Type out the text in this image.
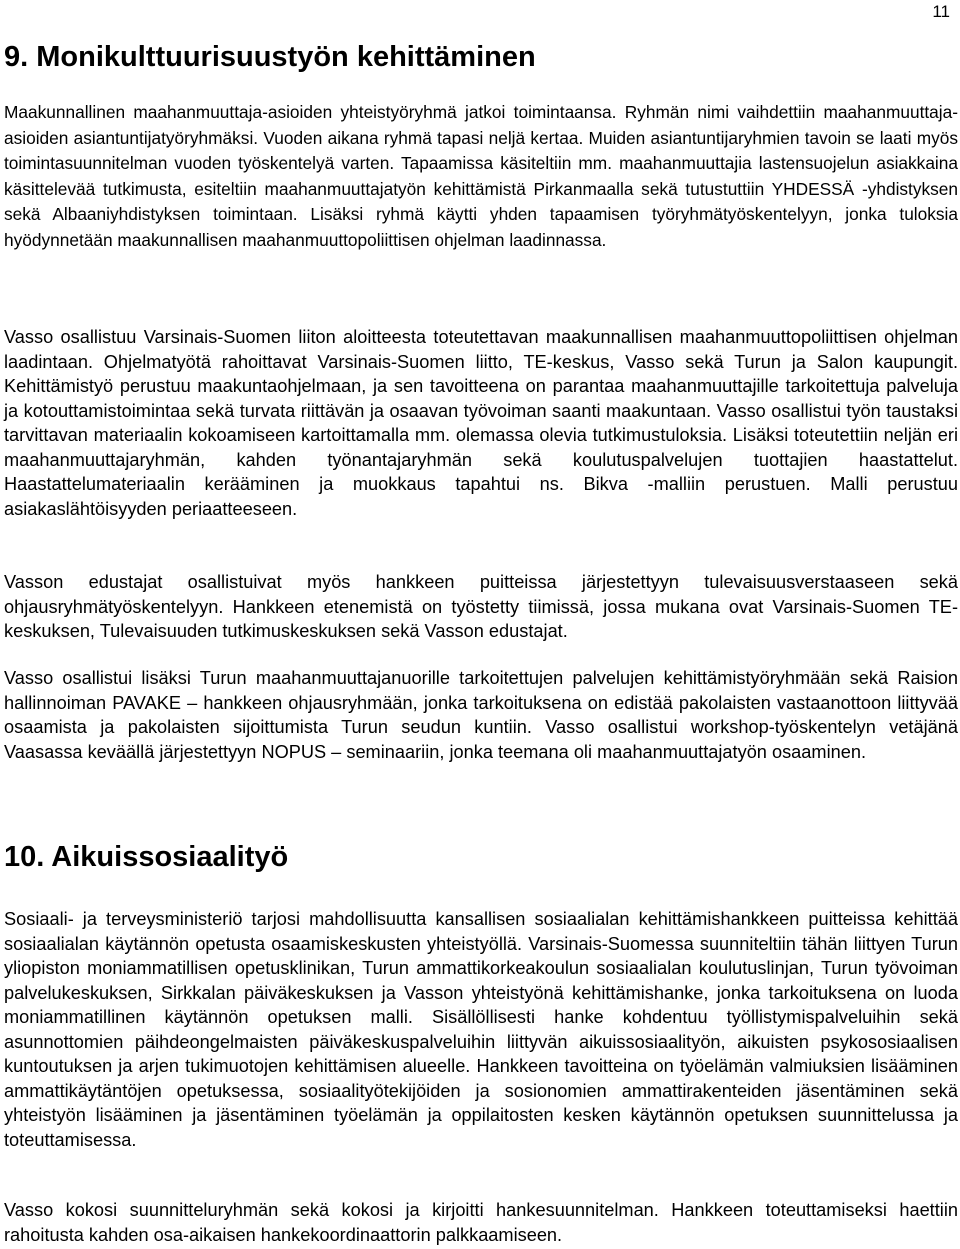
11
9. Monikulttuurisuustyön kehittäminen

Maakunnallinen maahanmuuttaja-asioiden yhteistyöryhmä jatkoi toimintaansa. Ryhmän nimi vaihdettiin maahanmuuttaja-asioiden asiantuntijatyöryhmäksi. Vuoden aikana ryhmä tapasi neljä kertaa. Muiden asiantuntijaryhmien tavoin se laati myös toimintasuunnitelman vuoden työskentelyä varten. Tapaamissa käsiteltiin mm. maahanmuuttajia lastensuojelun asiakkaina käsittelevää tutkimusta, esiteltiin maahanmuuttajatyön kehittämistä Pirkanmaalla sekä tutustuttiin YHDESSÄ -yhdistyksen sekä Albaaniyhdistyksen toimintaan. Lisäksi ryhmä käytti yhden tapaamisen työryhmätyöskentelyyn, jonka tuloksia hyödynnetään maakunnallisen maahanmuuttopoliittisen ohjelman laadinnassa.

Vasso osallistuu Varsinais-Suomen liiton aloitteesta toteutettavan maakunnallisen maahanmuuttopoliittisen ohjelman laadintaan. Ohjelmatyötä rahoittavat Varsinais-Suomen liitto, TE-keskus, Vasso sekä Turun ja Salon kaupungit. Kehittämistyö perustuu maakuntaohjelmaan, ja sen tavoitteena on parantaa maahanmuuttajille tarkoitettuja palveluja ja kotouttamistoimintaa sekä turvata riittävän ja osaavan työvoiman saanti maakuntaan. Vasso osallistui työn taustaksi tarvittavan materiaalin kokoamiseen kartoittamalla mm. olemassa olevia tutkimustuloksia. Lisäksi toteutettiin neljän eri maahanmuuttajaryhmän, kahden työnantajaryhmän sekä koulutuspalvelujen tuottajien haastattelut. Haastattelumateriaalin kerääminen ja muokkaus tapahtui ns. Bikva -malliin perustuen. Malli perustuu asiakaslähtöisyyden periaatteeseen.

Vasson edustajat osallistuivat myös hankkeen puitteissa järjestettyyn tulevaisuusverstaaseen sekä ohjausryhmätyöskentelyyn. Hankkeen etenemistä on työstetty tiimissä, jossa mukana ovat Varsinais-Suomen TE-keskuksen, Tulevaisuuden tutkimuskeskuksen sekä Vasson edustajat.

Vasso osallistui lisäksi Turun maahanmuuttajanuorille tarkoitettujen palvelujen kehittämistyöryhmään sekä Raision hallinnoiman PAVAKE – hankkeen ohjausryhmään, jonka tarkoituksena on edistää pakolaisten vastaanottoon liittyvää osaamista ja pakolaisten sijoittumista Turun seudun kuntiin. Vasso osallistui workshop-työskentelyn vetäjänä Vaasassa keväällä järjestettyyn NOPUS – seminaariin, jonka teemana oli maahanmuuttajatyön osaaminen.

10. Aikuissosiaalityö

Sosiaali- ja terveysministeriö tarjosi mahdollisuutta kansallisen sosiaalialan kehittämishankkeen puitteissa kehittää sosiaalialan käytännön opetusta osaamiskeskusten yhteistyöllä. Varsinais-Suomessa suunniteltiin tähän liittyen Turun yliopiston moniammatillisen opetusklinikan, Turun ammattikorkeakoulun sosiaalialan koulutuslinjan, Turun työvoiman palvelukeskuksen, Sirkkalan päiväkeskuksen ja Vasson yhteistyönä kehittämishanke, jonka tarkoituksena on luoda moniammatillinen käytännön opetuksen malli. Sisällöllisesti hanke kohdentuu työllistymispalveluihin sekä asunnottomien päihdeongelmaisten päiväkeskuspalveluihin liittyvän aikuissosiaalityön, aikuisten psykososiaalisen kuntoutuksen ja arjen tukimuotojen kehittämisen alueelle. Hankkeen tavoitteina on työelämän valmiuksien lisääminen ammattikäytäntöjen opetuksessa, sosiaalityötekijöiden ja sosionomien ammattirakenteiden jäsentäminen sekä yhteistyön lisääminen ja jäsentäminen työelämän ja oppilaitosten kesken käytännön opetuksen suunnittelussa ja toteuttamisessa.

Vasso kokosi suunnitteluryhmän sekä kokosi ja kirjoitti hankesuunnitelman. Hankkeen toteuttamiseksi haettiin rahoitusta kahden osa-aikaisen hankekoordinaattorin palkkaamiseen.
